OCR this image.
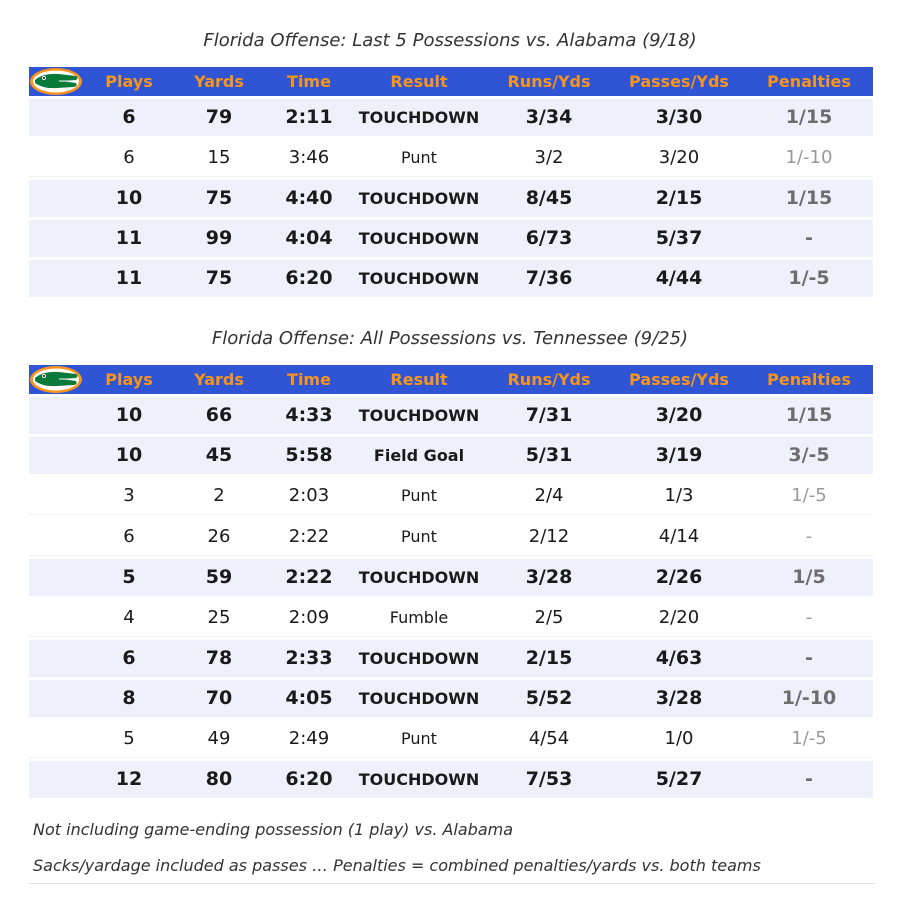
Florida Offense: Last 5 Possessions vs. Alabama (9/18)
Plays	Yards	Time	Result	Runs/Yds	Passes/Yds	Penalties
6	79	2:11	TOUCHDOWN	3/34	3/30	1/15
6	15	3:46	Punt	3/2	3/20	1/-10
10	75	4:40	TOUCHDOWN	8/45	2/15	1/15
11	99	4:04	TOUCHDOWN	6/73	5/37	-
11	75	6:20	TOUCHDOWN	7/36	4/44	1/-5
Florida Offense: All Possessions vs. Tennessee (9/25)
Plays	Yards	Time	Result	Runs/Yds	Passes/Yds	Penalties
10	66	4:33	TOUCHDOWN	7/31	3/20	1/15
10	45	5:58	Field Goal	5/31	3/19	3/-5
3	2	2:03	Punt	2/4	1/3	1/-5
6	26	2:22	Punt	2/12	4/14	-
5	59	2:22	TOUCHDOWN	3/28	2/26	1/5
4	25	2:09	Fumble	2/5	2/20	-
6	78	2:33	TOUCHDOWN	2/15	4/63	-
8	70	4:05	TOUCHDOWN	5/52	3/28	1/-10
5	49	2:49	Punt	4/54	1/0	1/-5
12	80	6:20	TOUCHDOWN	7/53	5/27	-
Not including game-ending possession (1 play) vs. Alabama
Sacks/yardage included as passes … Penalties = combined penalties/yards vs. both teams
